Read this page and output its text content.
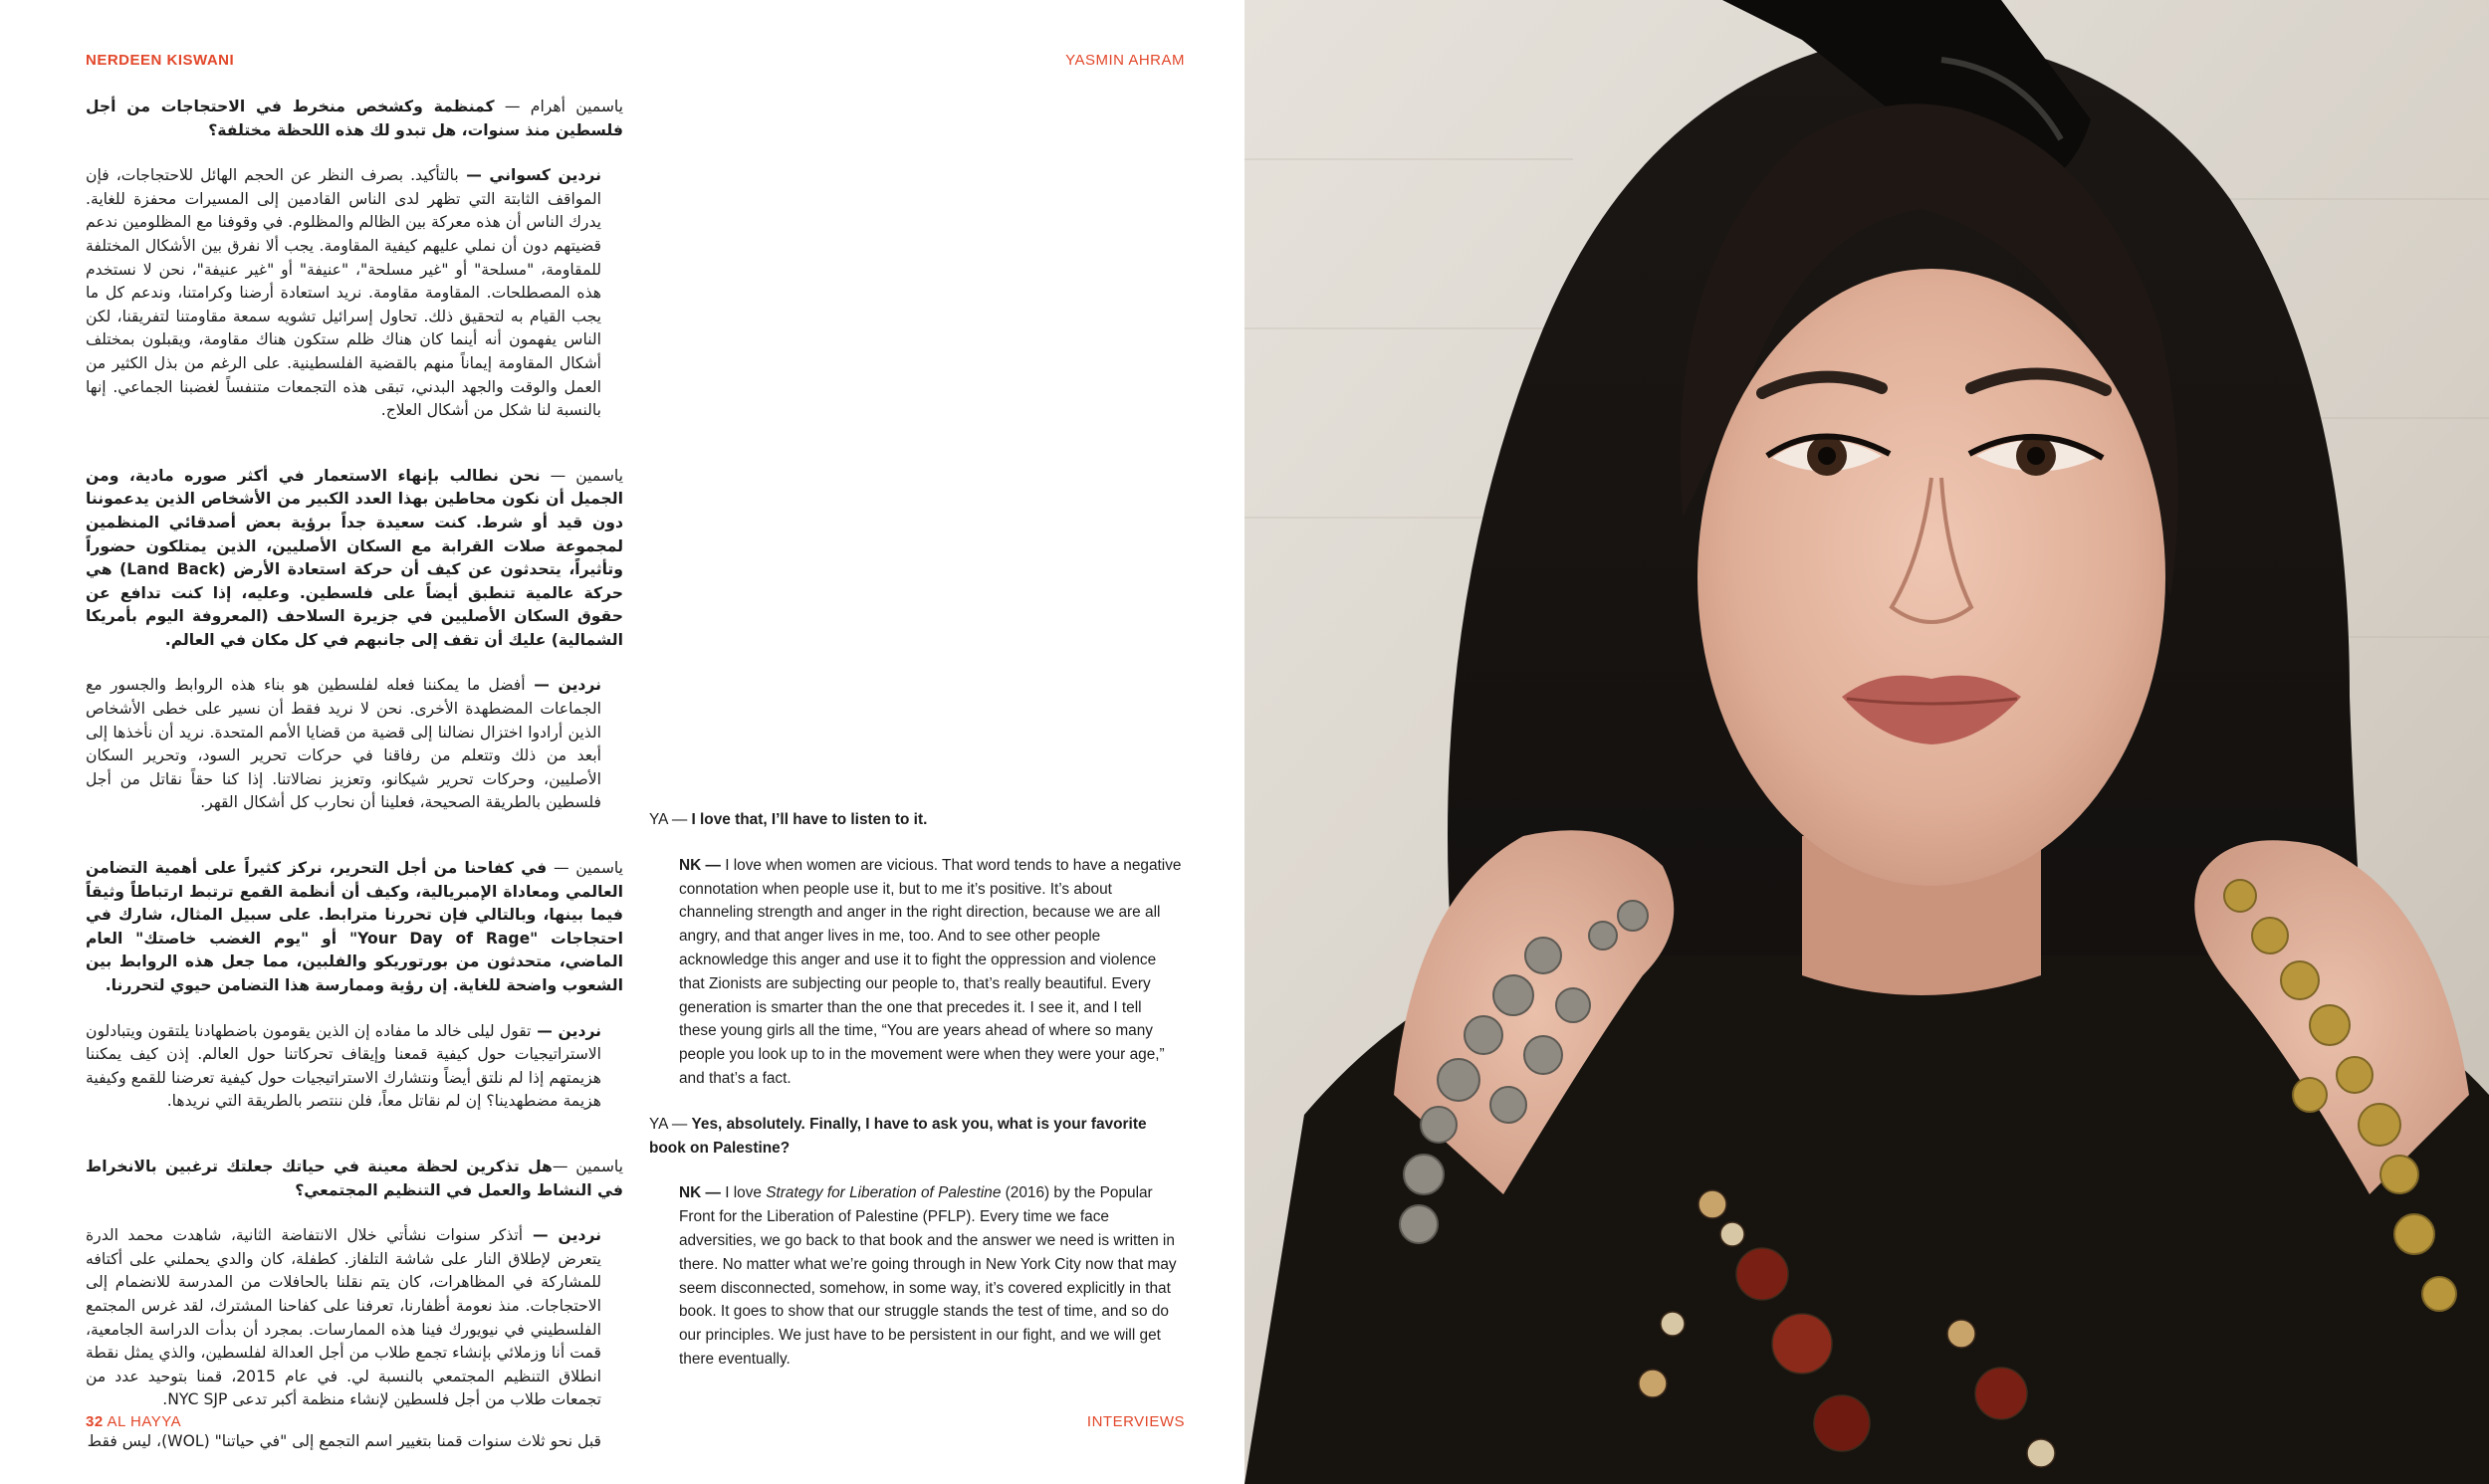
NERDEEN KISWANI	YASMIN AHRAM

ياسمين أهرام — كمنظمة وكشخص منخرط في الاحتجاجات من أجل فلسطين منذ سنوات، هل تبدو لك هذه اللحظة مختلفة؟

نردين كسواني — بالتأكيد. بصرف النظر عن الحجم الهائل للاحتجاجات، فإن المواقف الثابتة التي تظهر لدى الناس القادمين إلى المسيرات محفزة للغاية. يدرك الناس أن هذه معركة بين الظالم والمظلوم. في وقوفنا مع المظلومين ندعم قضيتهم دون أن نملي عليهم كيفية المقاومة. يجب ألا نفرق بين الأشكال المختلفة للمقاومة، "مسلحة" أو "غير مسلحة"، "عنيفة" أو "غير عنيفة"، نحن لا نستخدم هذه المصطلحات. المقاومة مقاومة. نريد استعادة أرضنا وكرامتنا، وندعم كل ما يجب القيام به لتحقيق ذلك. تحاول إسرائيل تشويه سمعة مقاومتنا لتفريقنا، لكن الناس يفهمون أنه أينما كان هناك ظلم ستكون هناك مقاومة، ويقبلون بمختلف أشكال المقاومة إيماناً منهم بالقضية الفلسطينية. على الرغم من بذل الكثير من العمل والوقت والجهد البدني، تبقى هذه التجمعات متنفساً لغضبنا الجماعي. إنها بالنسبة لنا شكل من أشكال العلاج.

ياسمين — نحن نطالب بإنهاء الاستعمار في أكثر صوره مادية، ومن الجميل أن نكون محاطين بهذا العدد الكبير من الأشخاص الذين يدعموننا دون قيد أو شرط. كنت سعيدة جداً برؤية بعض أصدقائي المنظمين لمجموعة صلات القرابة مع السكان الأصليين، الذين يمتلكون حضوراً وتأثيراً، يتحدثون عن كيف أن حركة استعادة الأرض (Land Back) هي حركة عالمية تنطبق أيضاً على فلسطين. وعليه، إذا كنت تدافع عن حقوق السكان الأصليين في جزيرة السلاحف (المعروفة اليوم بأمريكا الشمالية) عليك أن تقف إلى جانبهم في كل مكان في العالم.

نردين — أفضل ما يمكننا فعله لفلسطين هو بناء هذه الروابط والجسور مع الجماعات المضطهدة الأخرى. نحن لا نريد فقط أن نسير على خطى الأشخاص الذين أرادوا اختزال نضالنا إلى قضية من قضايا الأمم المتحدة. نريد أن نأخذها إلى أبعد من ذلك وتتعلم من رفاقنا في حركات تحرير السود، وتحرير السكان الأصليين، وحركات تحرير شيكانو، وتعزيز نضالاتنا. إذا كنا حقاً نقاتل من أجل فلسطين بالطريقة الصحيحة، فعلينا أن نحارب كل أشكال القهر.

ياسمين — في كفاحنا من أجل التحرير، نركز كثيراً على أهمية التضامن العالمي ومعاداة الإمبريالية، وكيف أن أنظمة القمع ترتبط ارتباطاً وثيقاً فيما بينها، وبالتالي فإن تحررنا مترابط. على سبيل المثال، شارك في احتجاجات "Your Day of Rage" أو "يوم الغضب خاصتك" العام الماضي، متحدثون من بورتوريكو والفلبين، مما جعل هذه الروابط بين الشعوب واضحة للغاية. إن رؤية وممارسة هذا التضامن حيوي لتحررنا.

نردين — تقول ليلى خالد ما مفاده إن الذين يقومون باضطهادنا يلتقون ويتبادلون الاستراتيجيات حول كيفية قمعنا وإيقاف تحركاتنا حول العالم. إذن كيف يمكننا هزيمتهم إذا لم نلتق أيضاً ونتشارك الاستراتيجيات حول كيفية تعرضنا للقمع وكيفية هزيمة مضطهدينا؟ إن لم نقاتل معاً، فلن ننتصر بالطريقة التي نريدها.

ياسمين —هل تذكرين لحظة معينة في حياتك جعلتك ترغبين بالانخراط في النشاط والعمل في التنظيم المجتمعي؟

نردين — أتذكر سنوات نشأتي خلال الانتفاضة الثانية، شاهدت محمد الدرة يتعرض لإطلاق النار على شاشة التلفاز. كطفلة، كان والدي يحملني على أكتافه للمشاركة في المظاهرات، كان يتم نقلنا بالحافلات من المدرسة للانضمام إلى الاحتجاجات. منذ نعومة أظفارنا، تعرفنا على كفاحنا المشترك، لقد غرس المجتمع الفلسطيني في نيويورك فينا هذه الممارسات. بمجرد أن بدأت الدراسة الجامعية، قمت أنا وزملائي بإنشاء تجمع طلاب من أجل العدالة لفلسطين، والذي يمثل نقطة انطلاق التنظيم المجتمعي بالنسبة لي. في عام 2015، قمنا بتوحيد عدد من تجمعات طلاب من أجل فلسطين لإنشاء منظمة أكبر تدعى NYC SJP.

قبل نحو ثلاث سنوات قمنا بتغيير اسم التجمع إلى "في حياتنا" (WOL)، ليس فقط

YA — I love that, I’ll have to listen to it.

NK — I love when women are vicious. That word tends to have a negative connotation when people use it, but to me it’s positive. It’s about channeling strength and anger in the right direction, because we are all angry, and that anger lives in me, too. And to see other people acknowledge this anger and use it to fight the oppression and violence that Zionists are subjecting our people to, that’s really beautiful. Every generation is smarter than the one that precedes it. I see it, and I tell these young girls all the time, “You are years ahead of where so many people you look up to in the movement were when they were your age,” and that’s a fact.

YA — Yes, absolutely. Finally, I have to ask you, what is your favorite book on Palestine?

NK — I love Strategy for Liberation of Palestine (2016) by the Popular Front for the Liberation of Palestine (PFLP). Every time we face adversities, we go back to that book and the answer we need is written in there. No matter what we’re going through in New York City now that may seem disconnected, somehow, in some way, it’s covered explicitly in that book. It goes to show that our struggle stands the test of time, and so do our principles. We just have to be persistent in our fight, and we will get there eventually.

32 AL HAYYA	INTERVIEWS
